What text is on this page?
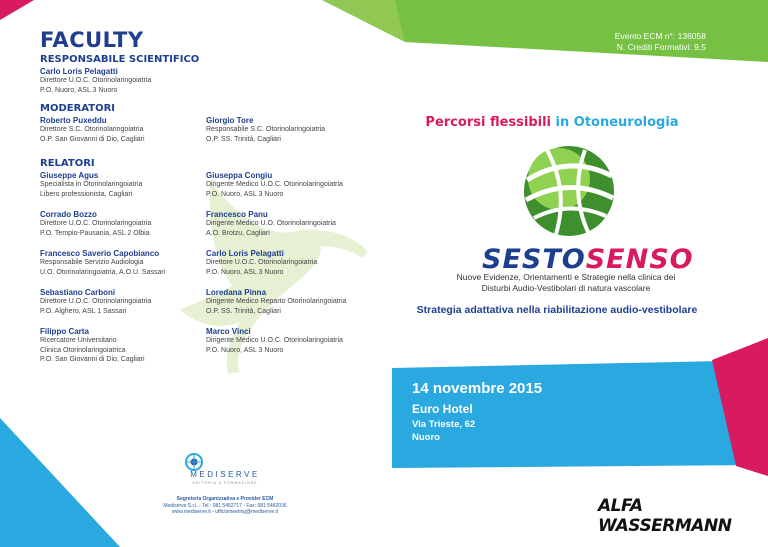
FACULTY	Evento ECM n°: 136058
N. Crediti Formativi: 9,5
RESPONSABILE SCIENTIFICO
Carlo Loris Pelagatti
Direttore U.O.C. Otorinolaringoiatria
P.O. Nuoro, ASL 3 Nuoro
MODERATORI
Roberto Puxeddu
Direttore S.C. Otorinolaringoiatria
O.P. San Giovanni di Dio, Cagliari
Giorgio Tore
Responsabile S.C. Otorinolaringoiatria
O.P. SS. Trinità, Cagliari
RELATORI
Giuseppe Agus
Specialista in Otorinolaringoiatria
Libero professionista, Cagliari
Corrado Bozzo
Direttore U.O.C. Otorinolaringoiatria
P.O. Tempio-Pausania, ASL 2 Olbia
Francesco Saverio Capobianco
Responsabile Servizio Audiologia
U.O. Otorinolaringoiatria, A.O.U. Sassari
Sebastiano Carboni
Direttore U.O.C. Otorinolaringoiatria
P.O. Alghero, ASL 1 Sassari
Filippo Carta
Ricercatore Universitario
Clinica Otorinolaringoiatrica
P.O. San Giovanni di Dio, Cagliari
Giuseppa Congiu
Dirigente Medico U.O.C. Otorinolaringoiatria
P.O. Nuoro, ASL 3 Nuoro
Francesco Panu
Dirigente Medico U.O. Otorinolaringoiatria
A.O. Brotzu, Cagliari
Carlo Loris Pelagatti
Direttore U.O.C. Otorinolaringoiatria
P.O. Nuoro, ASL 3 Nuoro
Loredana Pinna
Dirigente Medico Reparto Otorinolaringoiatria
O.P. SS. Trinità, Cagliari
Marco Vinci
Dirigente Medico U.O.C. Otorinolaringoiatria
P.O. Nuoro, ASL 3 Nuoro
MEDISERVE
EDITORIA & FORMAZIONE
Segreteria Organizzativa e Provider ECM
Mediserve S.r.l. - Tel.: 081 5452717 - Fax: 081 5462036
www.mediserve.it - ufficiomeeting@mediserve.it
Percorsi flessibili in Otoneurologia
SESTOSENSO
Nuove Evidenze, Orientamenti e Strategie nella clinica dei
Disturbi Audio-Vestibolari di natura vascolare
Strategia adattativa nella riabilitazione audio-vestibolare
14 novembre 2015
Euro Hotel
Via Trieste, 62
Nuoro
ALFA WASSERMANN
